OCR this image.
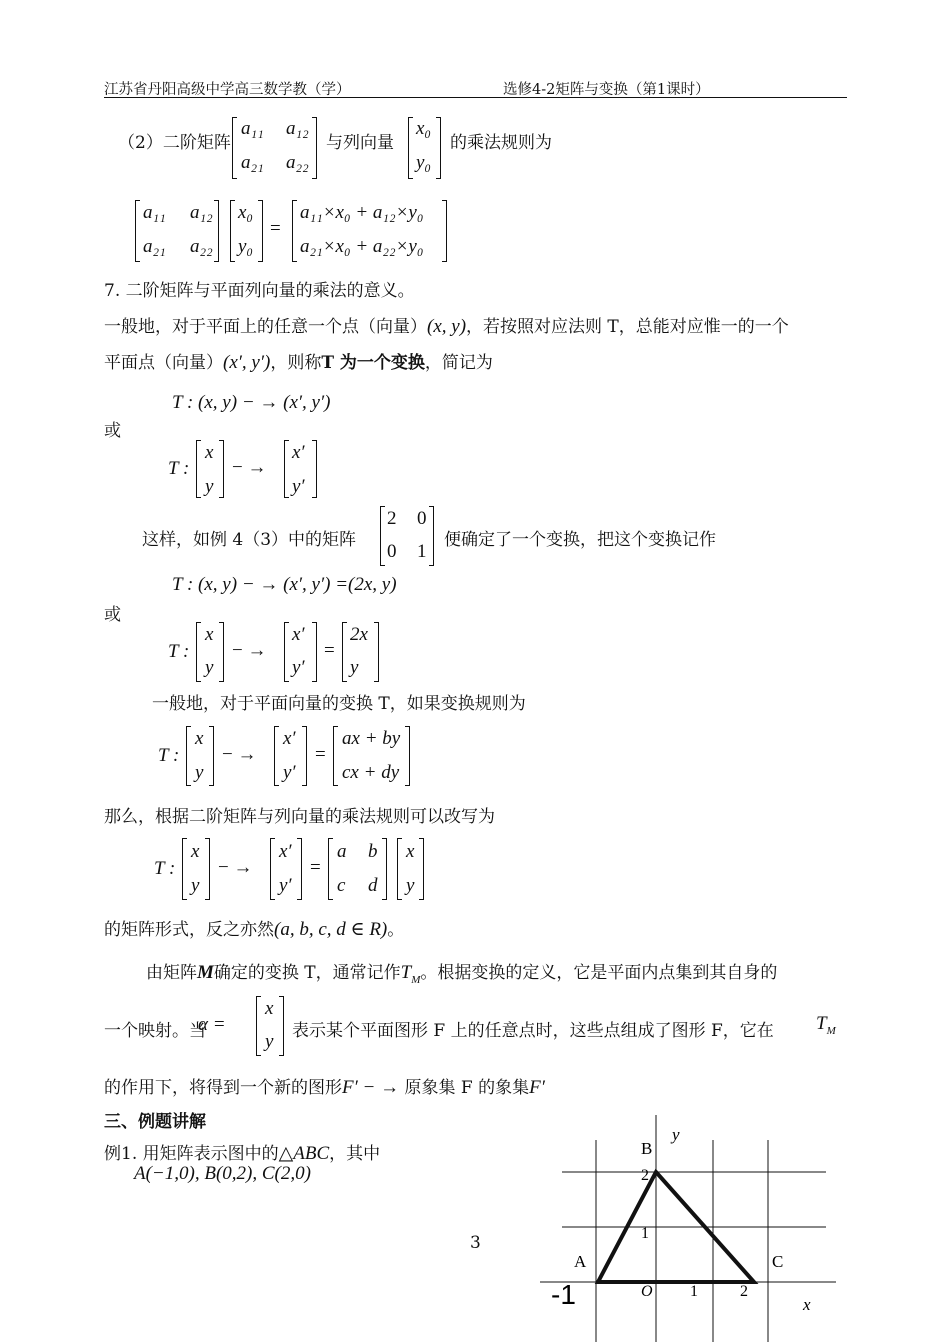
江苏省丹阳高级中学高三数学教（学）	选修4-2矩阵与变换（第1课时）
（2）二阶矩阵
a₁₁ a₁₂
a₂₁ a₂₂
与列向量
x₀
y₀
的乘法规则为
a₁₁ a₁₂
a₂₁ a₂₂
x₀
y₀
=
a₁₁×x₀ + a₁₂×y₀
a₂₁×x₀ + a₂₂×y₀
7. 二阶矩阵与平面列向量的乘法的意义。
一般地，对于平面上的任意一个点（向量）(x, y)，若按照对应法则 T，总能对应惟一的一个
平面点（向量）(x′, y′)，则称T 为一个变换，简记为
T : (x, y) − → (x′, y′)
或
T :
x
y
− →
x′
y′
这样，如例 4（3）中的矩阵
2 0
0 1
便确定了一个变换，把这个变换记作
T : (x, y) − → (x′, y′) =(2x, y)
或
T :
x
y
− →
x′
y′
=
2x
y
一般地，对于平面向量的变换 T，如果变换规则为
T :
x
y
− →
x′
y′
=
ax + by
cx + dy
那么，根据二阶矩阵与列向量的乘法规则可以改写为
T :
x
y
− →
x′
y′
=
a b
c d
x
y
的矩阵形式，反之亦然(a, b, c, d ∈ R)。
由矩阵M确定的变换 T，通常记作$T_M$。根据变换的定义，它是平面内点集到其自身的
一个映射。当
α =
x
y 表示某个平面图形 F 上的任意点时，这些点组成了图形 F，它在 $T_M$
的作用下，将得到一个新的图形F′ − → 原象集 F 的象集F′
三、例题讲解
例1. 用矩阵表示图中的△ABC，其中
A(−1,0), B(0,2), C(2,0)
3
y
B
2
1
A	C
O 1	2
-1	x
